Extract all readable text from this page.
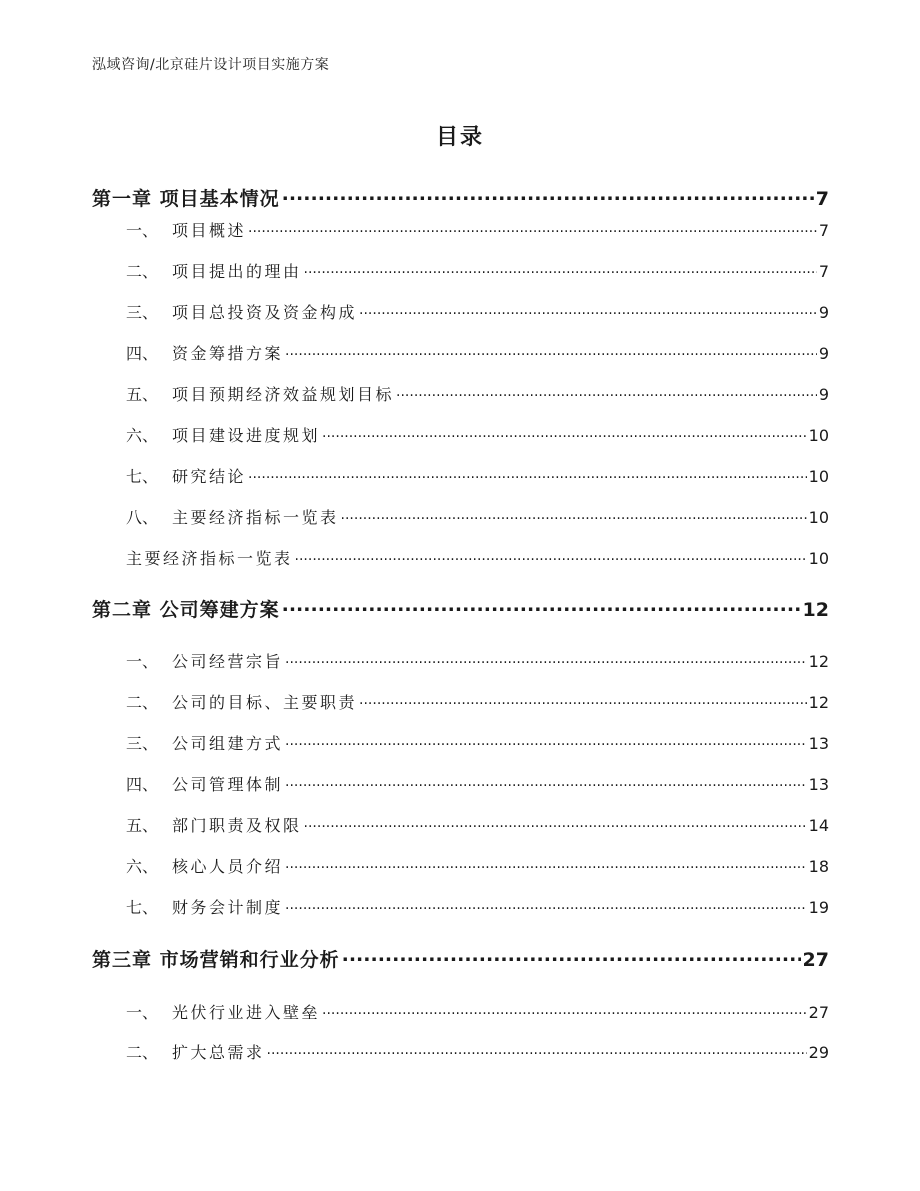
泓域咨询/北京硅片设计项目实施方案
目录
第一章 项目基本情况 .....	7
一、 项目概述 .....	7
二、 项目提出的理由 .....	7
三、 项目总投资及资金构成 .....	9
四、 资金筹措方案 .....	9
五、 项目预期经济效益规划目标 .....	9
六、 项目建设进度规划 .....	10
七、 研究结论 .....	10
八、 主要经济指标一览表 .....	10
主要经济指标一览表 .....	10
第二章 公司筹建方案 .....	12
一、 公司经营宗旨 .....	12
二、 公司的目标、主要职责 .....	12
三、 公司组建方式 .....	13
四、 公司管理体制 .....	13
五、 部门职责及权限 .....	14
六、 核心人员介绍 .....	18
七、 财务会计制度 .....	19
第三章 市场营销和行业分析 .....	27
一、 光伏行业进入壁垒 .....	27
二、 扩大总需求 .....	29
